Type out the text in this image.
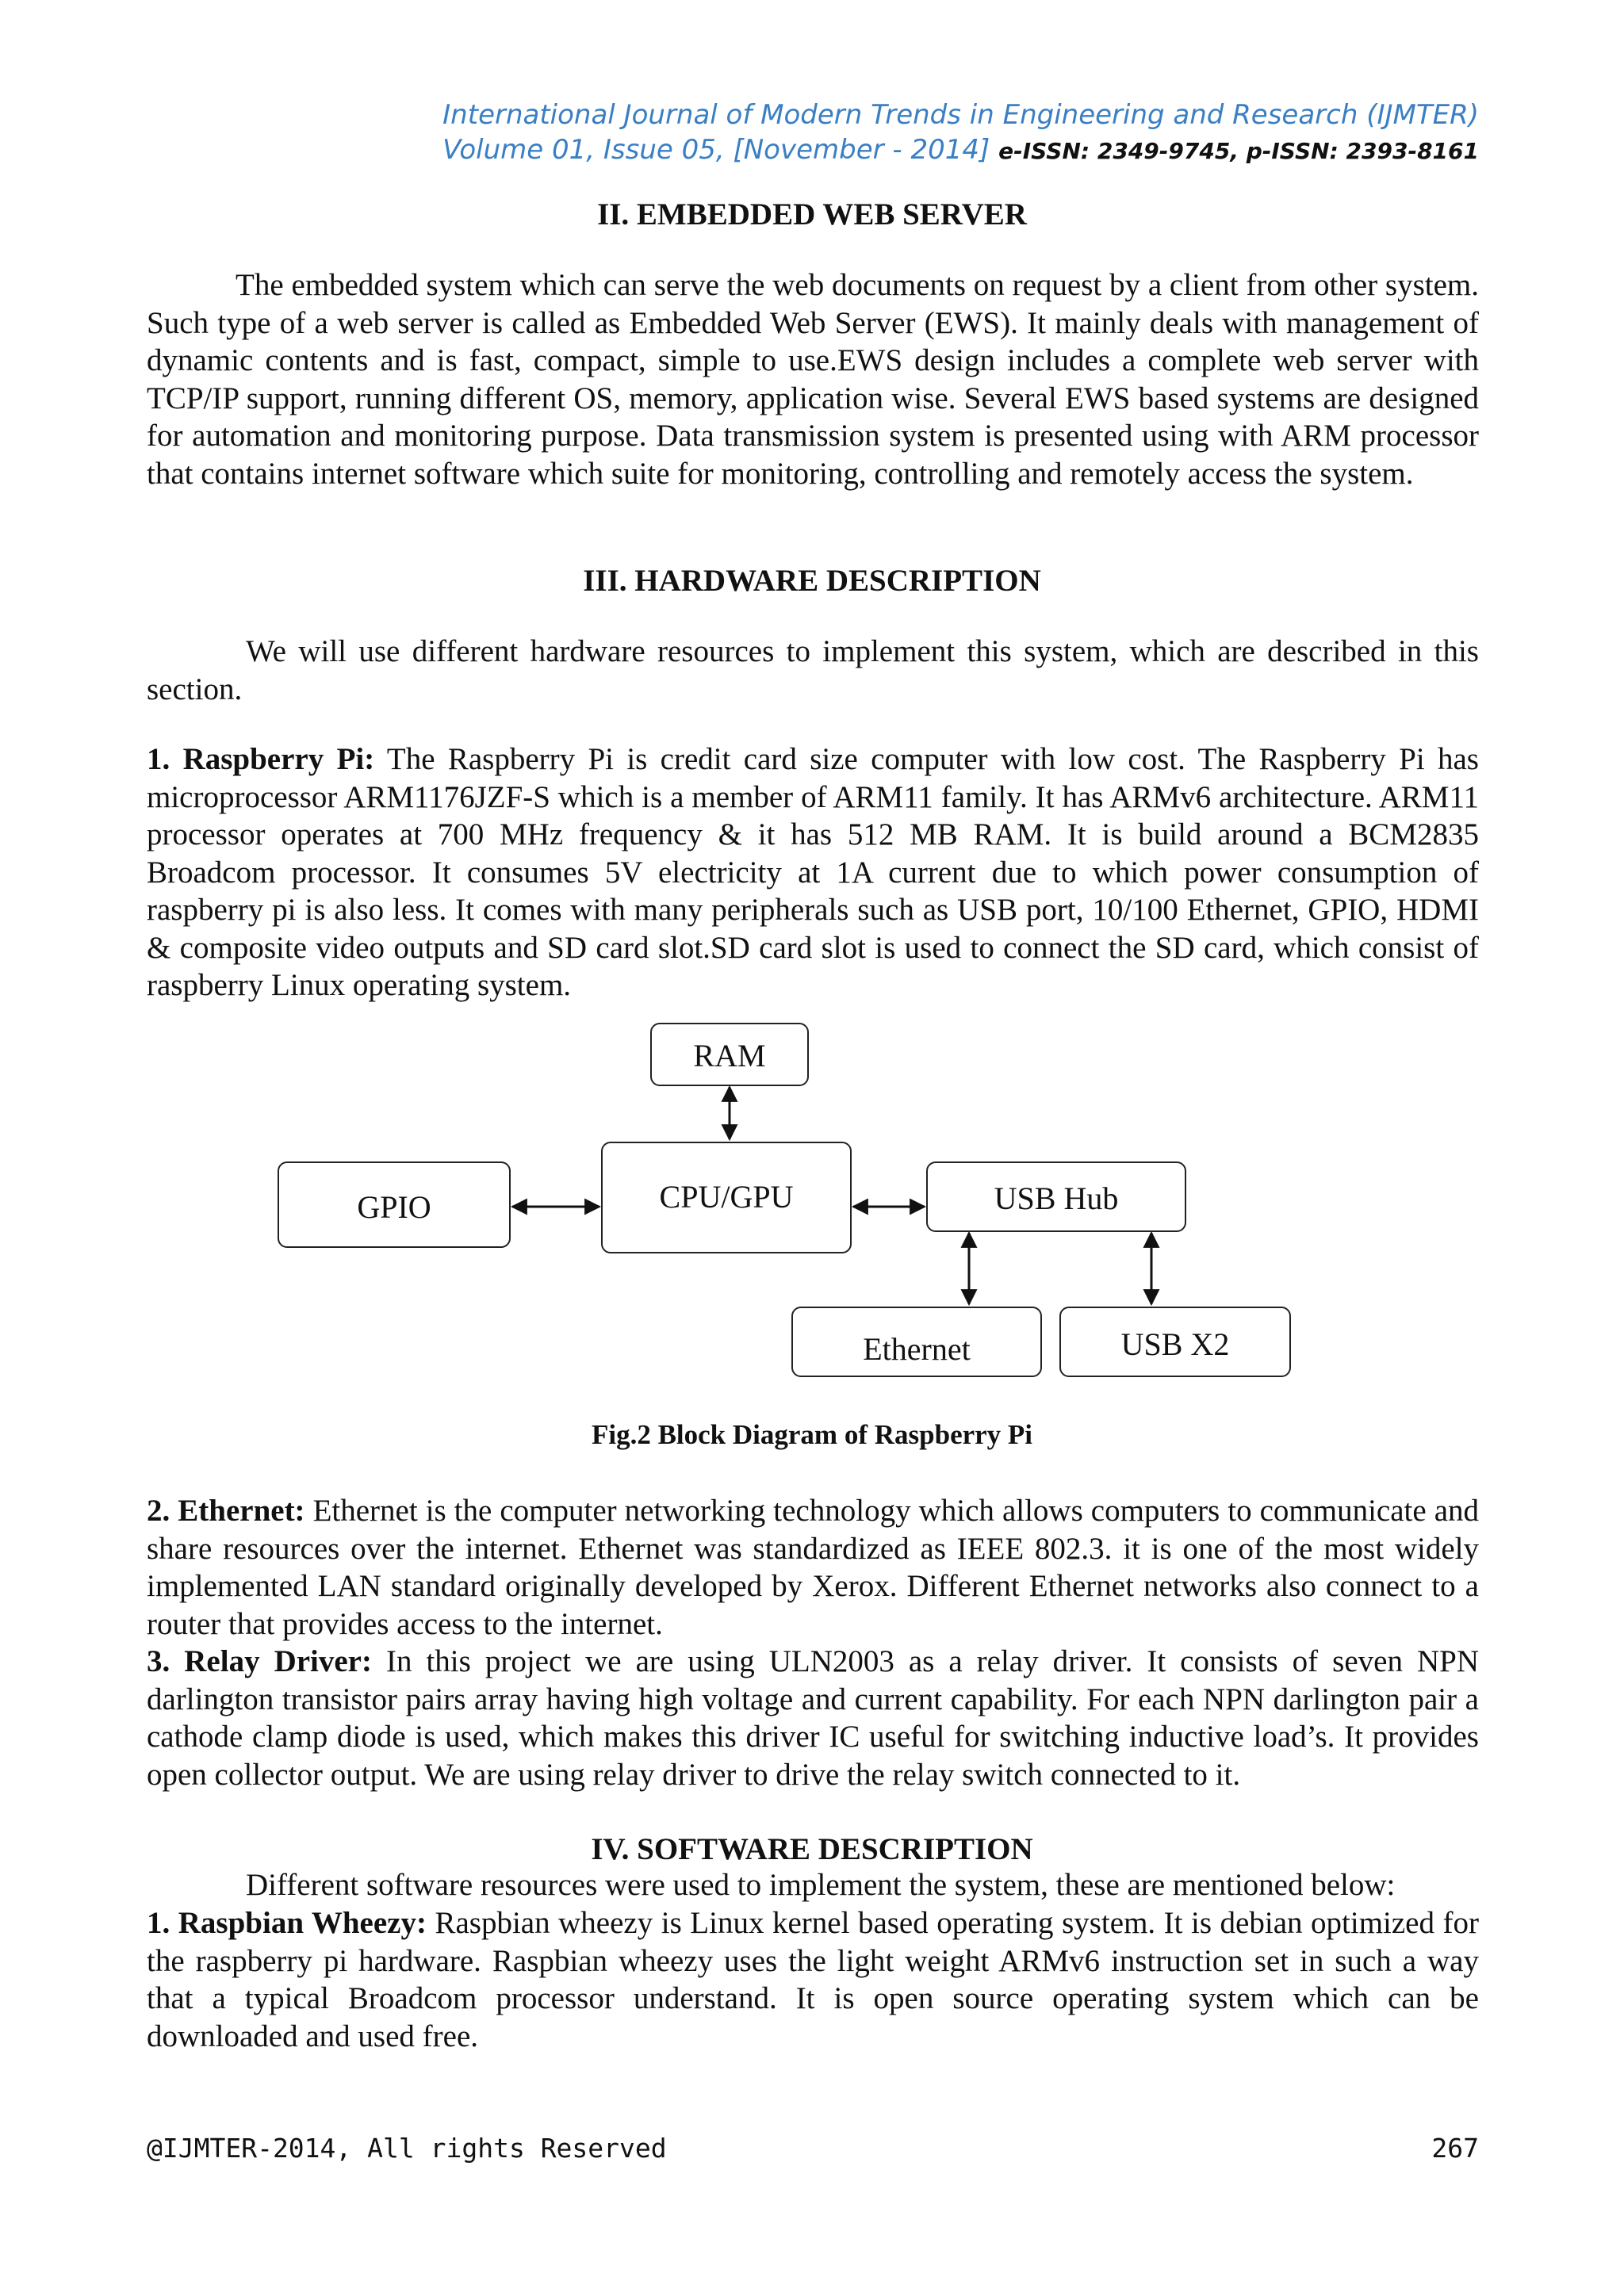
International Journal of Modern Trends in Engineering and Research (IJMTER)
Volume 01, Issue 05, [November - 2014] e-ISSN: 2349-9745, p-ISSN: 2393-8161
II. EMBEDDED WEB SERVER
The embedded system which can serve the web documents on request by a client from other system. Such type of a web server is called as Embedded Web Server (EWS). It mainly deals with management of dynamic contents and is fast, compact, simple to use.EWS design includes a complete web server with TCP/IP support, running different OS, memory, application wise. Several EWS based systems are designed for automation and monitoring purpose. Data transmission system is presented using with ARM processor that contains internet software which suite for monitoring, controlling and remotely access the system.
III. HARDWARE DESCRIPTION
We will use different hardware resources to implement this system, which are described in this section.
1. Raspberry Pi: The Raspberry Pi is credit card size computer with low cost. The Raspberry Pi has microprocessor ARM1176JZF-S which is a member of ARM11 family. It has ARMv6 architecture. ARM11 processor operates at 700 MHz frequency & it has 512 MB RAM. It is build around a BCM2835 Broadcom processor. It consumes 5V electricity at 1A current due to which power consumption of raspberry pi is also less. It comes with many peripherals such as USB port, 10/100 Ethernet, GPIO, HDMI & composite video outputs and SD card slot.SD card slot is used to connect the SD card, which consist of raspberry Linux operating system.
RAM
CPU/GPU
GPIO	USB Hub
Ethernet	USB X2
Fig.2 Block Diagram of Raspberry Pi
2. Ethernet: Ethernet is the computer networking technology which allows computers to communicate and share resources over the internet. Ethernet was standardized as IEEE 802.3. it is one of the most widely implemented LAN standard originally developed by Xerox. Different Ethernet networks also connect to a router that provides access to the internet.
3. Relay Driver: In this project we are using ULN2003 as a relay driver. It consists of seven NPN darlington transistor pairs array having high voltage and current capability. For each NPN darlington pair a cathode clamp diode is used, which makes this driver IC useful for switching inductive load’s. It provides open collector output. We are using relay driver to drive the relay switch connected to it.
IV. SOFTWARE DESCRIPTION
Different software resources were used to implement the system, these are mentioned below:
1. Raspbian Wheezy: Raspbian wheezy is Linux kernel based operating system. It is debian optimized for the raspberry pi hardware. Raspbian wheezy uses the light weight ARMv6 instruction set in such a way that a typical Broadcom processor understand. It is open source operating system which can be downloaded and used free.
@IJMTER-2014, All rights Reserved	267
